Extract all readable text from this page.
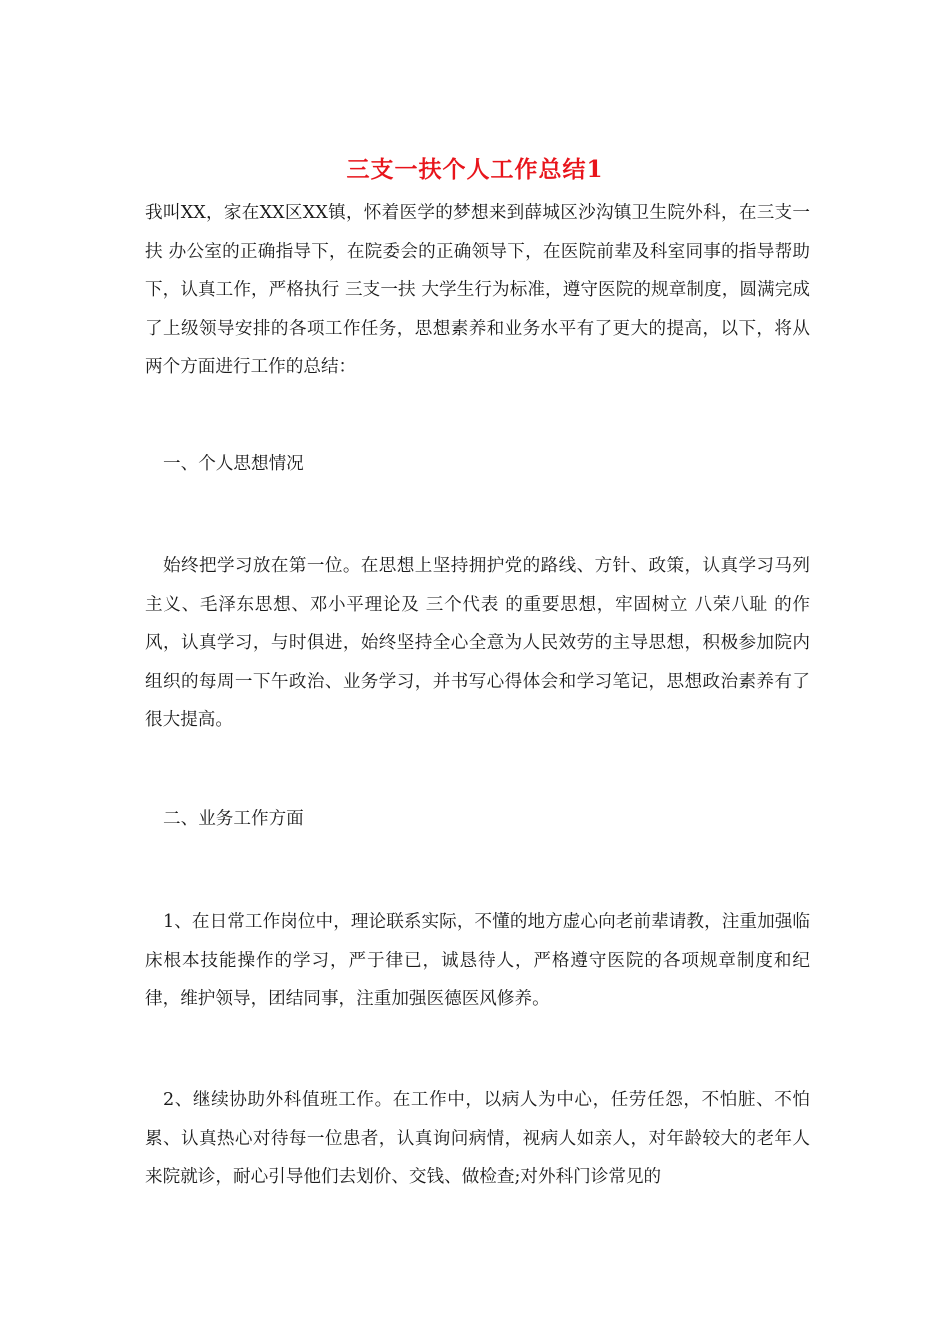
三支一扶个人工作总结1

我叫XX，家在XX区XX镇，怀着医学的梦想来到薛城区沙沟镇卫生院外科，在三支一扶 办公室的正确指导下，在院委会的正确领导下，在医院前辈及科室同事的指导帮助下，认真工作，严格执行 三支一扶 大学生行为标准，遵守医院的规章制度，圆满完成了上级领导安排的各项工作任务，思想素养和业务水平有了更大的提高，以下，将从两个方面进行工作的总结：

一、个人思想情况

始终把学习放在第一位。在思想上坚持拥护党的路线、方针、政策，认真学习马列主义、毛泽东思想、邓小平理论及 三个代表 的重要思想，牢固树立 八荣八耻 的作风，认真学习，与时俱进，始终坚持全心全意为人民效劳的主导思想，积极参加院内组织的每周一下午政治、业务学习，并书写心得体会和学习笔记，思想政治素养有了很大提高。

二、业务工作方面

1、在日常工作岗位中，理论联系实际，不懂的地方虚心向老前辈请教，注重加强临床根本技能操作的学习，严于律已，诚恳待人，严格遵守医院的各项规章制度和纪律，维护领导，团结同事，注重加强医德医风修养。

2、继续协助外科值班工作。在工作中，以病人为中心，任劳任怨，不怕脏、不怕累、认真热心对待每一位患者，认真询问病情，视病人如亲人，对年龄较大的老年人来院就诊，耐心引导他们去划价、交钱、做检查;对外科门诊常见的
